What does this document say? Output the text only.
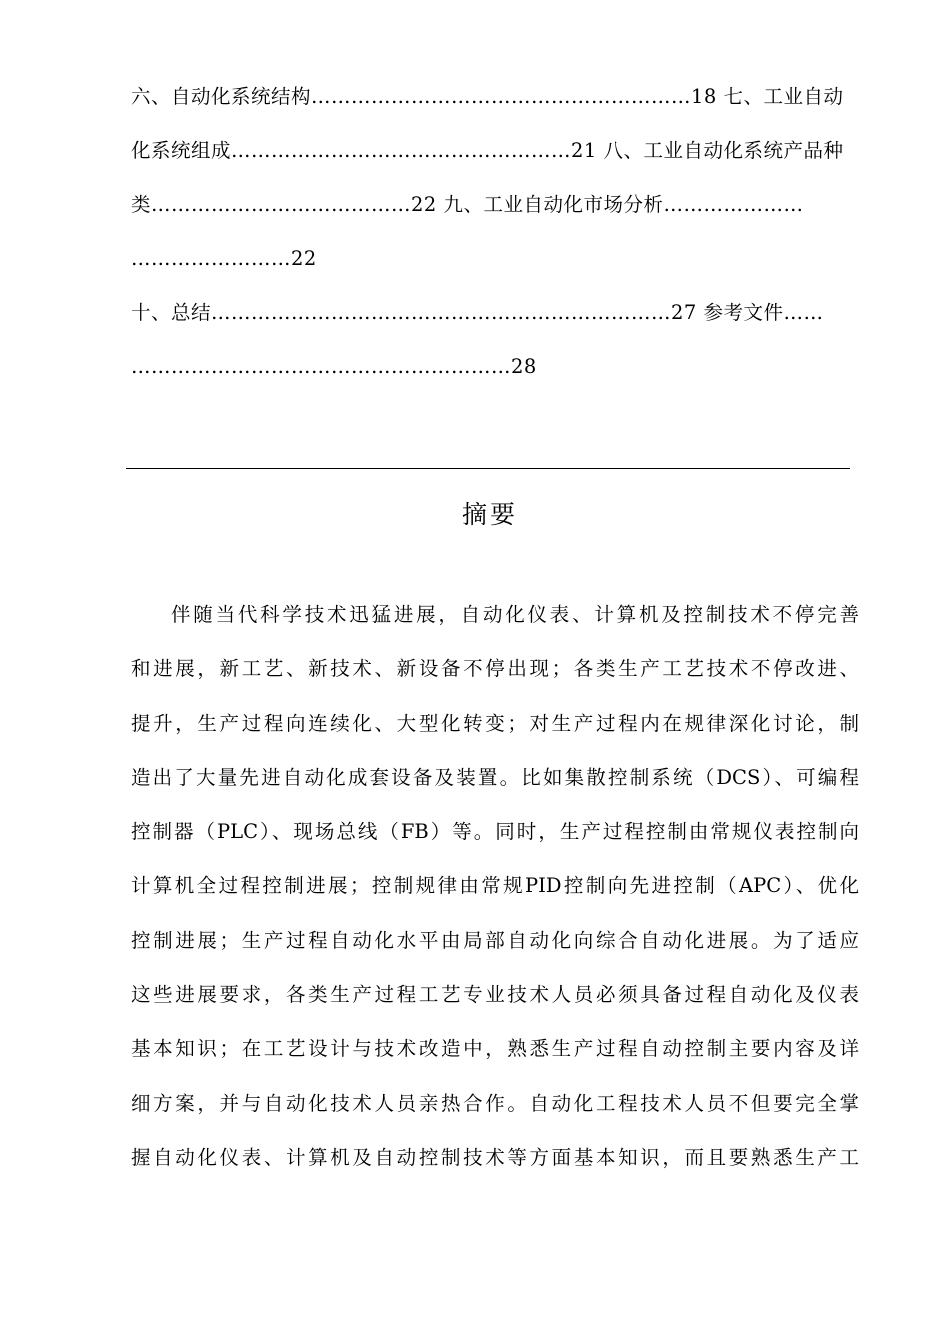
六、自动化系统结构…………………………………………………18 七、工业自动
化系统组成……………………………………………21 八、工业自动化系统产品种
类…………………………………22 九、工业自动化市场分析…………………
……………………22
十、总结……………………………………………………………27 参考文件……
…………………………………………………28
摘要
伴随当代科学技术迅猛进展，自动化仪表、计算机及控制技术不停完善
和进展，新工艺、新技术、新设备不停出现；各类生产工艺技术不停改进、
提升，生产过程向连续化、大型化转变；对生产过程内在规律深化讨论，制
造出了大量先进自动化成套设备及装置。比如集散控制系统（DCS）、可编程
控制器（PLC）、现场总线（FB）等。同时，生产过程控制由常规仪表控制向
计算机全过程控制进展；控制规律由常规PID控制向先进控制（APC）、优化
控制进展；生产过程自动化水平由局部自动化向综合自动化进展。为了适应
这些进展要求，各类生产过程工艺专业技术人员必须具备过程自动化及仪表
基本知识；在工艺设计与技术改造中，熟悉生产过程自动控制主要内容及详
细方案，并与自动化技术人员亲热合作。自动化工程技术人员不但要完全掌
握自动化仪表、计算机及自动控制技术等方面基本知识，而且要熟悉生产工
